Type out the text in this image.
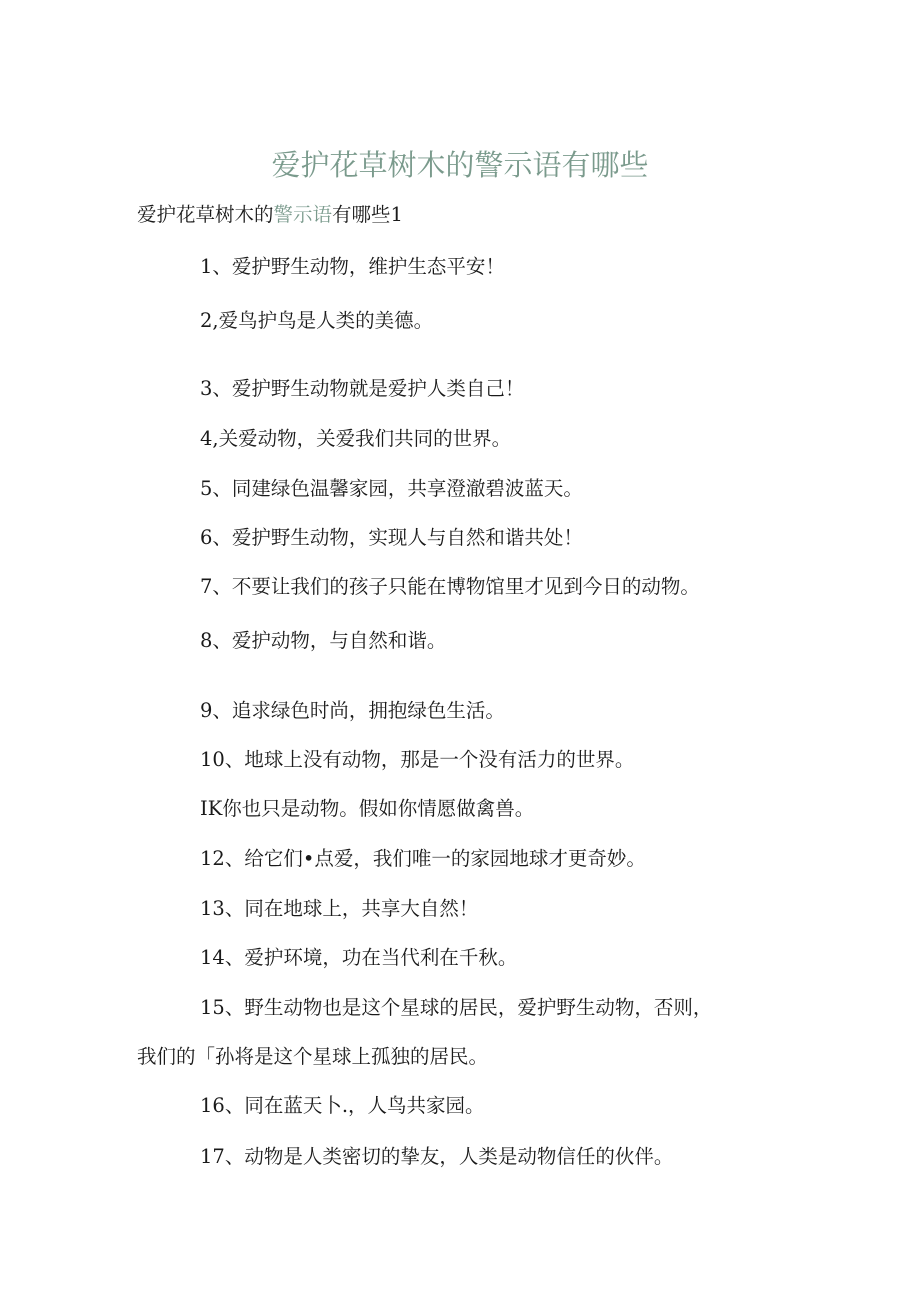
爱护花草树木的警示语有哪些

爱护花草树木的警示语有哪些1

1、爱护野生动物，维护生态平安！

2,爱鸟护鸟是人类的美德。

3、爱护野生动物就是爱护人类自己！

4,关爱动物，关爱我们共同的世界。

5、同建绿色温馨家园，共享澄澈碧波蓝天。

6、爱护野生动物，实现人与自然和谐共处！

7、不要让我们的孩子只能在博物馆里才见到今日的动物。

8、爱护动物，与自然和谐。

9、追求绿色时尚，拥抱绿色生活。

10、地球上没有动物，那是一个没有活力的世界。

IK你也只是动物。假如你情愿做禽兽。

12、给它们•点爱，我们唯一的家园地球才更奇妙。

13、同在地球上，共享大自然！

14、爱护环境，功在当代利在千秋。

15、野生动物也是这个星球的居民，爱护野生动物，否则，

我们的「孙将是这个星球上孤独的居民。

16、同在蓝天卜.，人鸟共家园。

17、动物是人类密切的挚友，人类是动物信任的伙伴。
